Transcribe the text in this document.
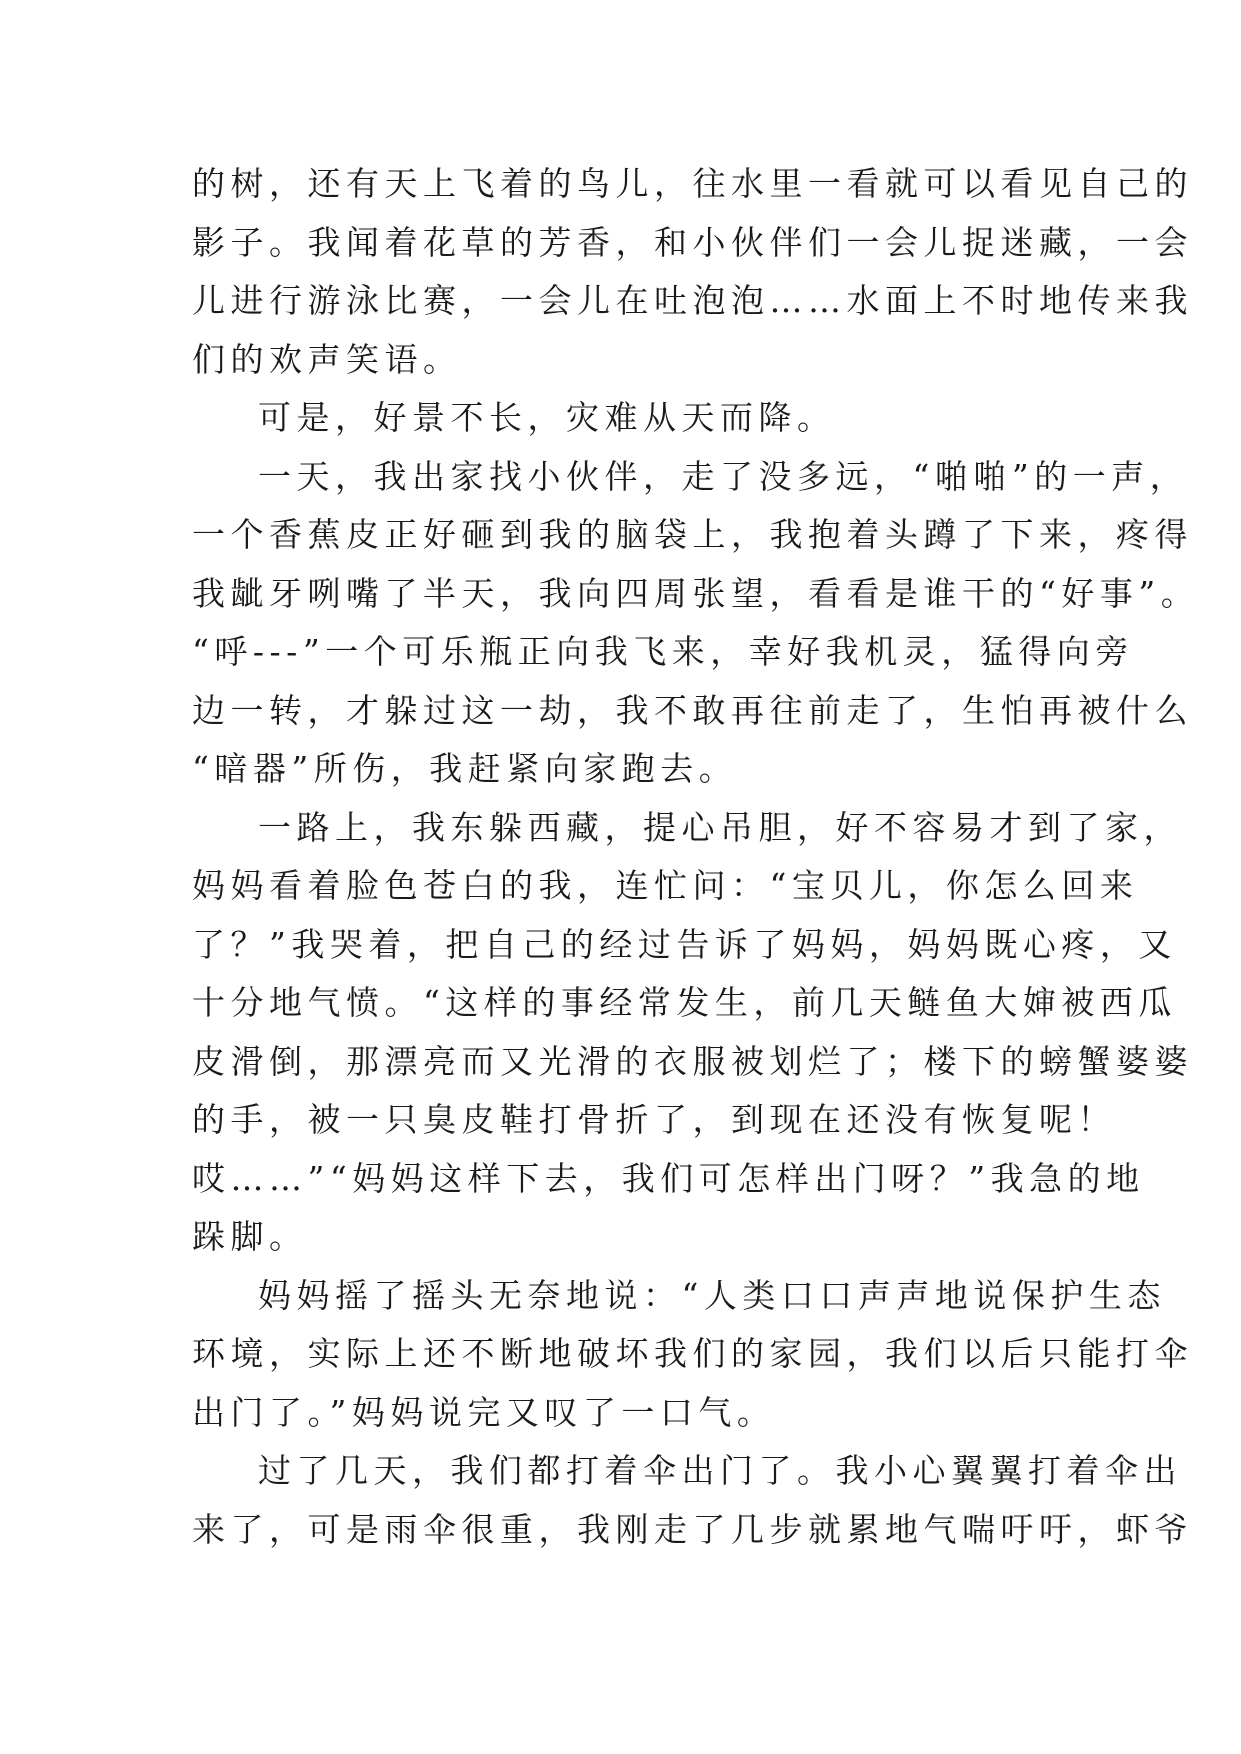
的树，还有天上飞着的鸟儿，往水里一看就可以看见自己的
影子。我闻着花草的芳香，和小伙伴们一会儿捉迷藏，一会
儿进行游泳比赛，一会儿在吐泡泡……水面上不时地传来我
们的欢声笑语。
可是，好景不长，灾难从天而降。
一天，我出家找小伙伴，走了没多远，“啪啪”的一声，
一个香蕉皮正好砸到我的脑袋上，我抱着头蹲了下来，疼得
我龇牙咧嘴了半天，我向四周张望，看看是谁干的“好事”。
“呼---”一个可乐瓶正向我飞来，幸好我机灵，猛得向旁
边一转，才躲过这一劫，我不敢再往前走了，生怕再被什么
“暗器”所伤，我赶紧向家跑去。
一路上，我东躲西藏，提心吊胆，好不容易才到了家，
妈妈看着脸色苍白的我，连忙问：“宝贝儿，你怎么回来
了？”我哭着，把自己的经过告诉了妈妈，妈妈既心疼，又
十分地气愤。“这样的事经常发生，前几天鲢鱼大婶被西瓜
皮滑倒，那漂亮而又光滑的衣服被划烂了；楼下的螃蟹婆婆
的手，被一只臭皮鞋打骨折了，到现在还没有恢复呢！
哎……”“妈妈这样下去，我们可怎样出门呀？”我急的地
跺脚。
妈妈摇了摇头无奈地说：“人类口口声声地说保护生态
环境，实际上还不断地破坏我们的家园，我们以后只能打伞
出门了。”妈妈说完又叹了一口气。
过了几天，我们都打着伞出门了。我小心翼翼打着伞出
来了，可是雨伞很重，我刚走了几步就累地气喘吁吁，虾爷
